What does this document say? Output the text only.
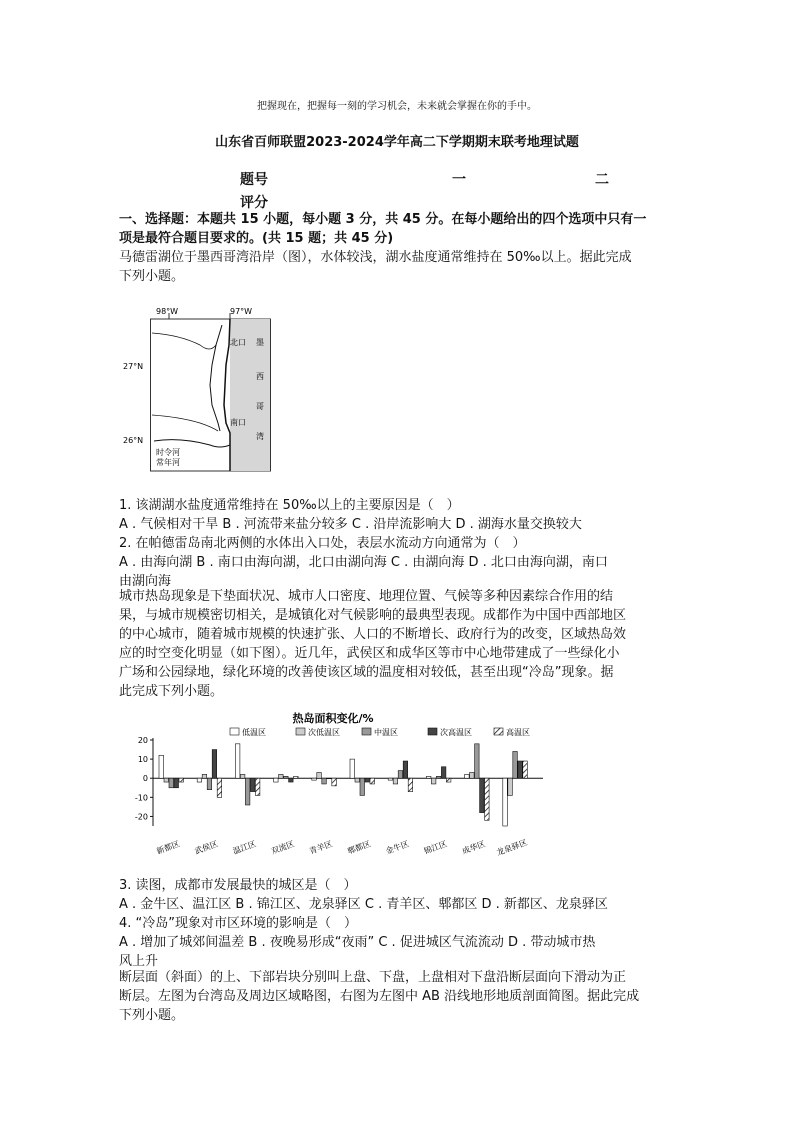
把握现在，把握每一刻的学习机会，未来就会掌握在你的手中。
山东省百师联盟2023-2024学年高二下学期期末联考地理试题
题号	一	二
评分
一、选择题：本题共 15 小题，每小题 3 分，共 45 分。在每小题给出的四个选项中只有一
项是最符合题目要求的。(共 15 题；共 45 分)
马德雷湖位于墨西哥湾沿岸（图），水体较浅，湖水盐度通常维持在 50‰以上。据此完成
下列小题。
98°W	97°W
27°N
26°N
北口 墨
西
哥
湾
南口
时令河
常年河
1. 该湖湖水盐度通常维持在 50‰以上的主要原因是（　）
A . 气候相对干旱 B . 河流带来盐分较多 C . 沿岸流影响大 D . 湖海水量交换较大
2. 在帕德雷岛南北两侧的水体出入口处，表层水流动方向通常为（　）
A . 由海向湖 B . 南口由海向湖，北口由湖向海 C . 由湖向海 D . 北口由海向湖，南口
由湖向海
城市热岛现象是下垫面状况、城市人口密度、地理位置、气候等多种因素综合作用的结
果，与城市规模密切相关，是城镇化对气候影响的最典型表现。成都作为中国中西部地区
的中心城市，随着城市规模的快速扩张、人口的不断增长、政府行为的改变，区域热岛效
应的时空变化明显（如下图）。近几年，武侯区和成华区等市中心地带建成了一些绿化小
广场和公园绿地，绿化环境的改善使该区域的温度相对较低，甚至出现“冷岛”现象。据
此完成下列小题。
热岛面积变化/%
低温区	次低温区	中温区	次高温区	高温区
20
10
0
-10
-20
新都区 武侯区 温江区 双流区 青羊区 郫都区 金牛区 锦江区 成华区 龙泉驿区
3. 读图，成都市发展最快的城区是（　）
A . 金牛区、温江区 B . 锦江区、龙泉驿区 C . 青羊区、郫都区 D . 新都区、龙泉驿区
4. “冷岛”现象对市区环境的影响是（　）
A . 增加了城郊间温差 B . 夜晚易形成“夜雨” C . 促进城区气流流动 D . 带动城市热
风上升
断层面（斜面）的上、下部岩块分别叫上盘、下盘，上盘相对下盘沿断层面向下滑动为正
断层。左图为台湾岛及周边区域略图，右图为左图中 AB 沿线地形地质剖面简图。据此完成
下列小题。
